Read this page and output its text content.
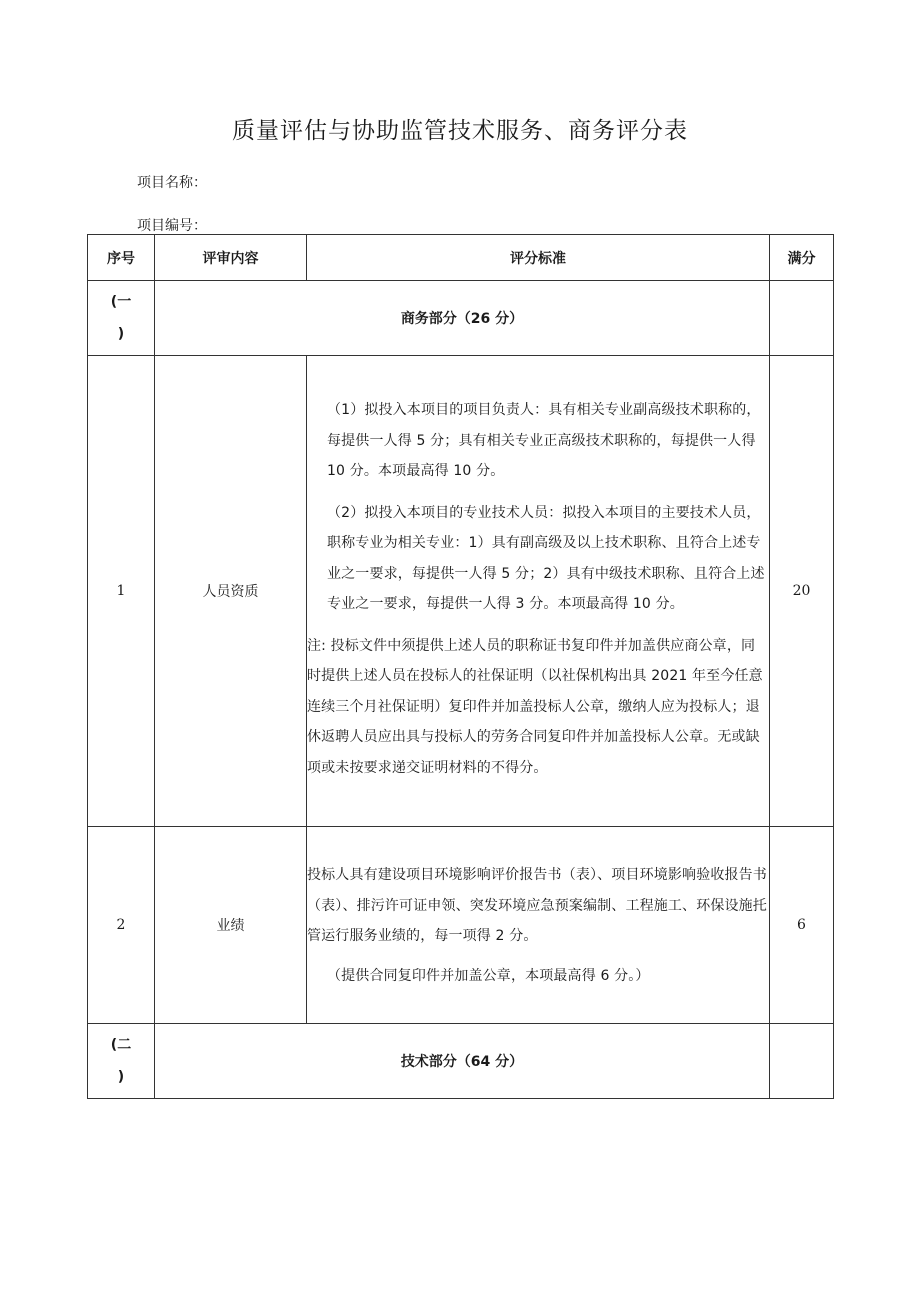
质量评估与协助监管技术服务、商务评分表
项目名称：
项目编号：
序号	评审内容	评分标准	满分

(一
)	商务部分（26 分）		
1	人员资质	（1）拟投入本项目的项目负责人：具有相关专业副高级技术职称的，每提供一人得 5 分；具有相关专业正高级技术职称的，每提供一人得 10 分。本项最高得 10 分。

（2）拟投入本项目的专业技术人员：拟投入本项目的主要技术人员，职称专业为相关专业：1）具有副高级及以上技术职称、且符合上述专业之一要求，每提供一人得 5 分；2）具有中级技术职称、且符合上述专业之一要求，每提供一人得 3 分。本项最高得 10 分。

注: 投标文件中须提供上述人员的职称证书复印件并加盖供应商公章，同时提供上述人员在投标人的社保证明（以社保机构出具 2021 年至今任意连续三个月社保证明）复印件并加盖投标人公章，缴纳人应为投标人；退休返聘人员应出具与投标人的劳务合同复印件并加盖投标人公章。无或缺项或未按要求递交证明材料的不得分。	20
2	业绩	投标人具有建设项目环境影响评价报告书（表）、项目环境影响验收报告书（表）、排污许可证申领、突发环境应急预案编制、工程施工、环保设施托管运行服务业绩的，每一项得 2 分。

（提供合同复印件并加盖公章，本项最高得 6 分。）	6

(二
)	技术部分（64 分）		
